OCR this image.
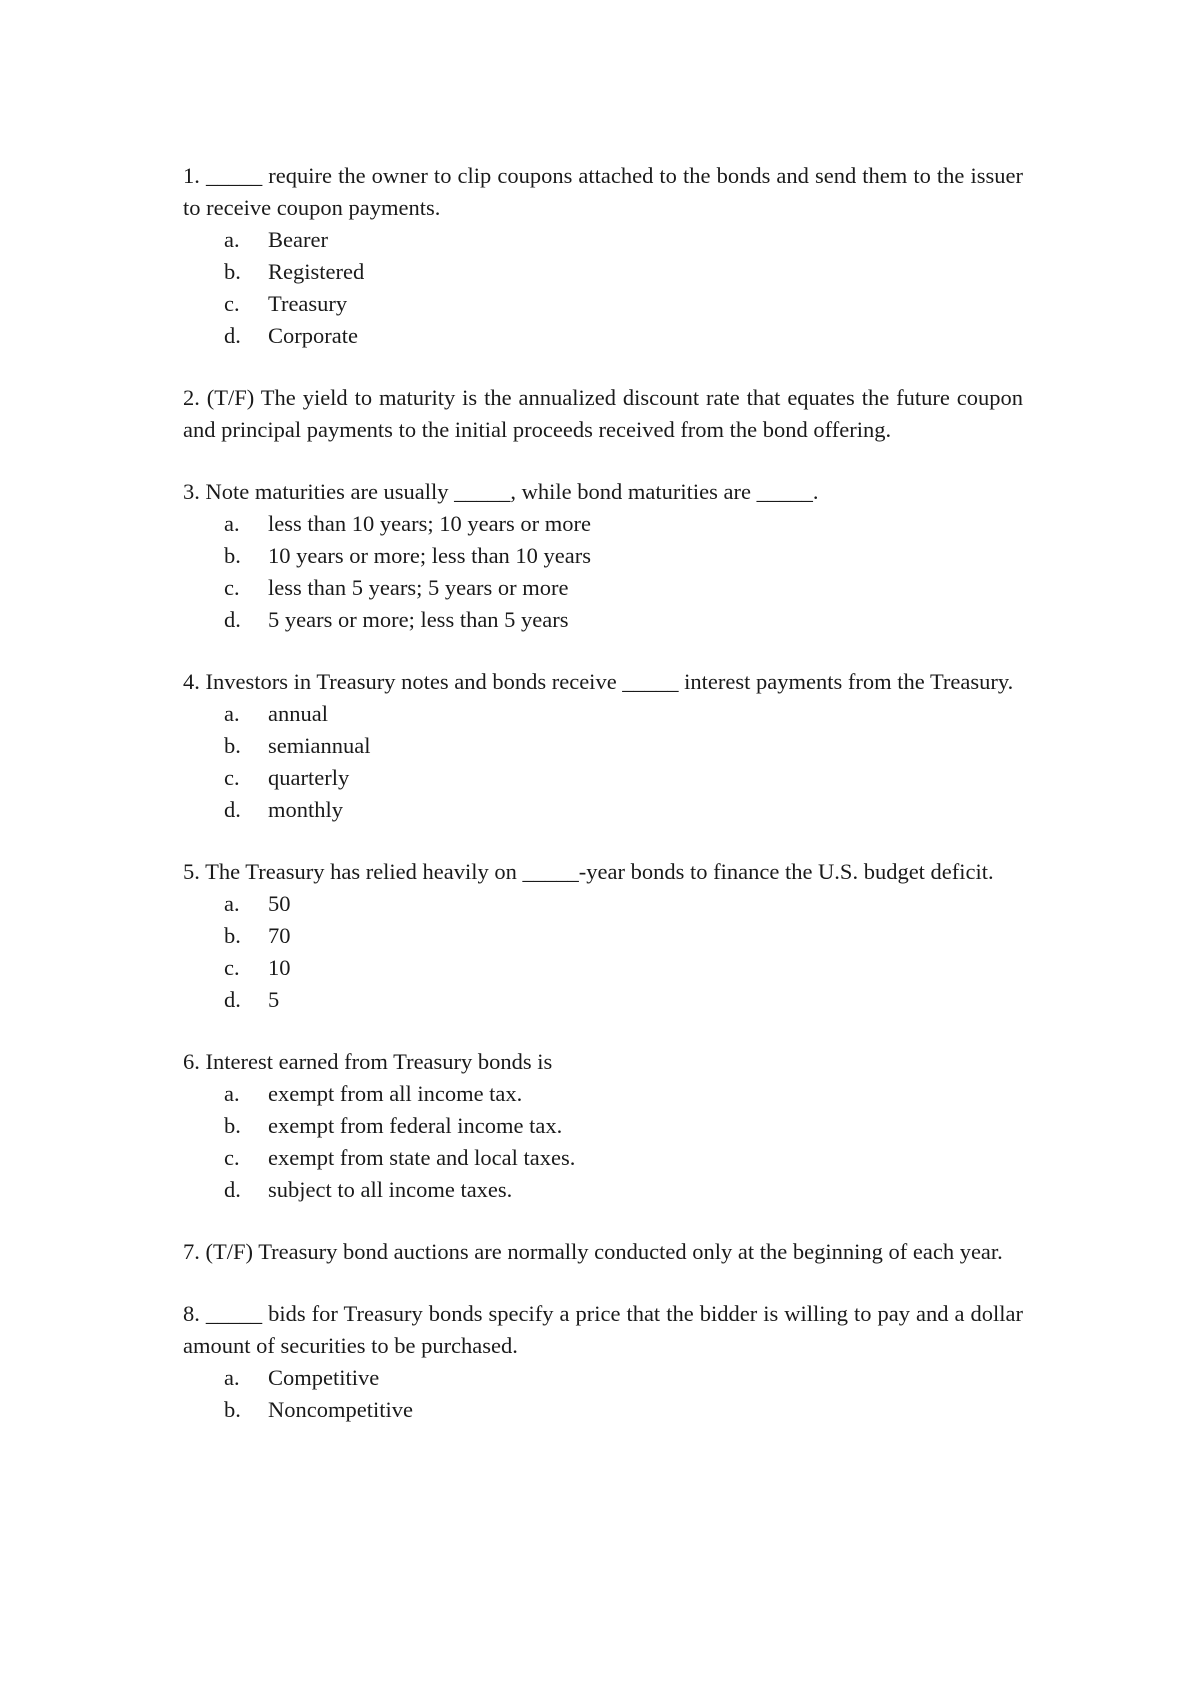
1. _____ require the owner to clip coupons attached to the bonds and send them to the issuer to receive coupon payments.

a.	Bearer
b.	Registered
c.	Treasury
d.	Corporate

2. (T/F) The yield to maturity is the annualized discount rate that equates the future coupon and principal payments to the initial proceeds received from the bond offering.

3. Note maturities are usually _____, while bond maturities are _____.

a.	less than 10 years; 10 years or more
b.	10 years or more; less than 10 years
c.	less than 5 years; 5 years or more
d.	5 years or more; less than 5 years

4. Investors in Treasury notes and bonds receive _____ interest payments from the Treasury.

a.	annual
b.	semiannual
c.	quarterly
d.	monthly

5. The Treasury has relied heavily on _____-year bonds to finance the U.S. budget deficit.

a.	50
b.	70
c.	10
d.	5

6. Interest earned from Treasury bonds is

a.	exempt from all income tax.
b.	exempt from federal income tax.
c.	exempt from state and local taxes.
d.	subject to all income taxes.

7. (T/F) Treasury bond auctions are normally conducted only at the beginning of each year.

8. _____ bids for Treasury bonds specify a price that the bidder is willing to pay and a dollar amount of securities to be purchased.

a.	Competitive
b.	Noncompetitive
